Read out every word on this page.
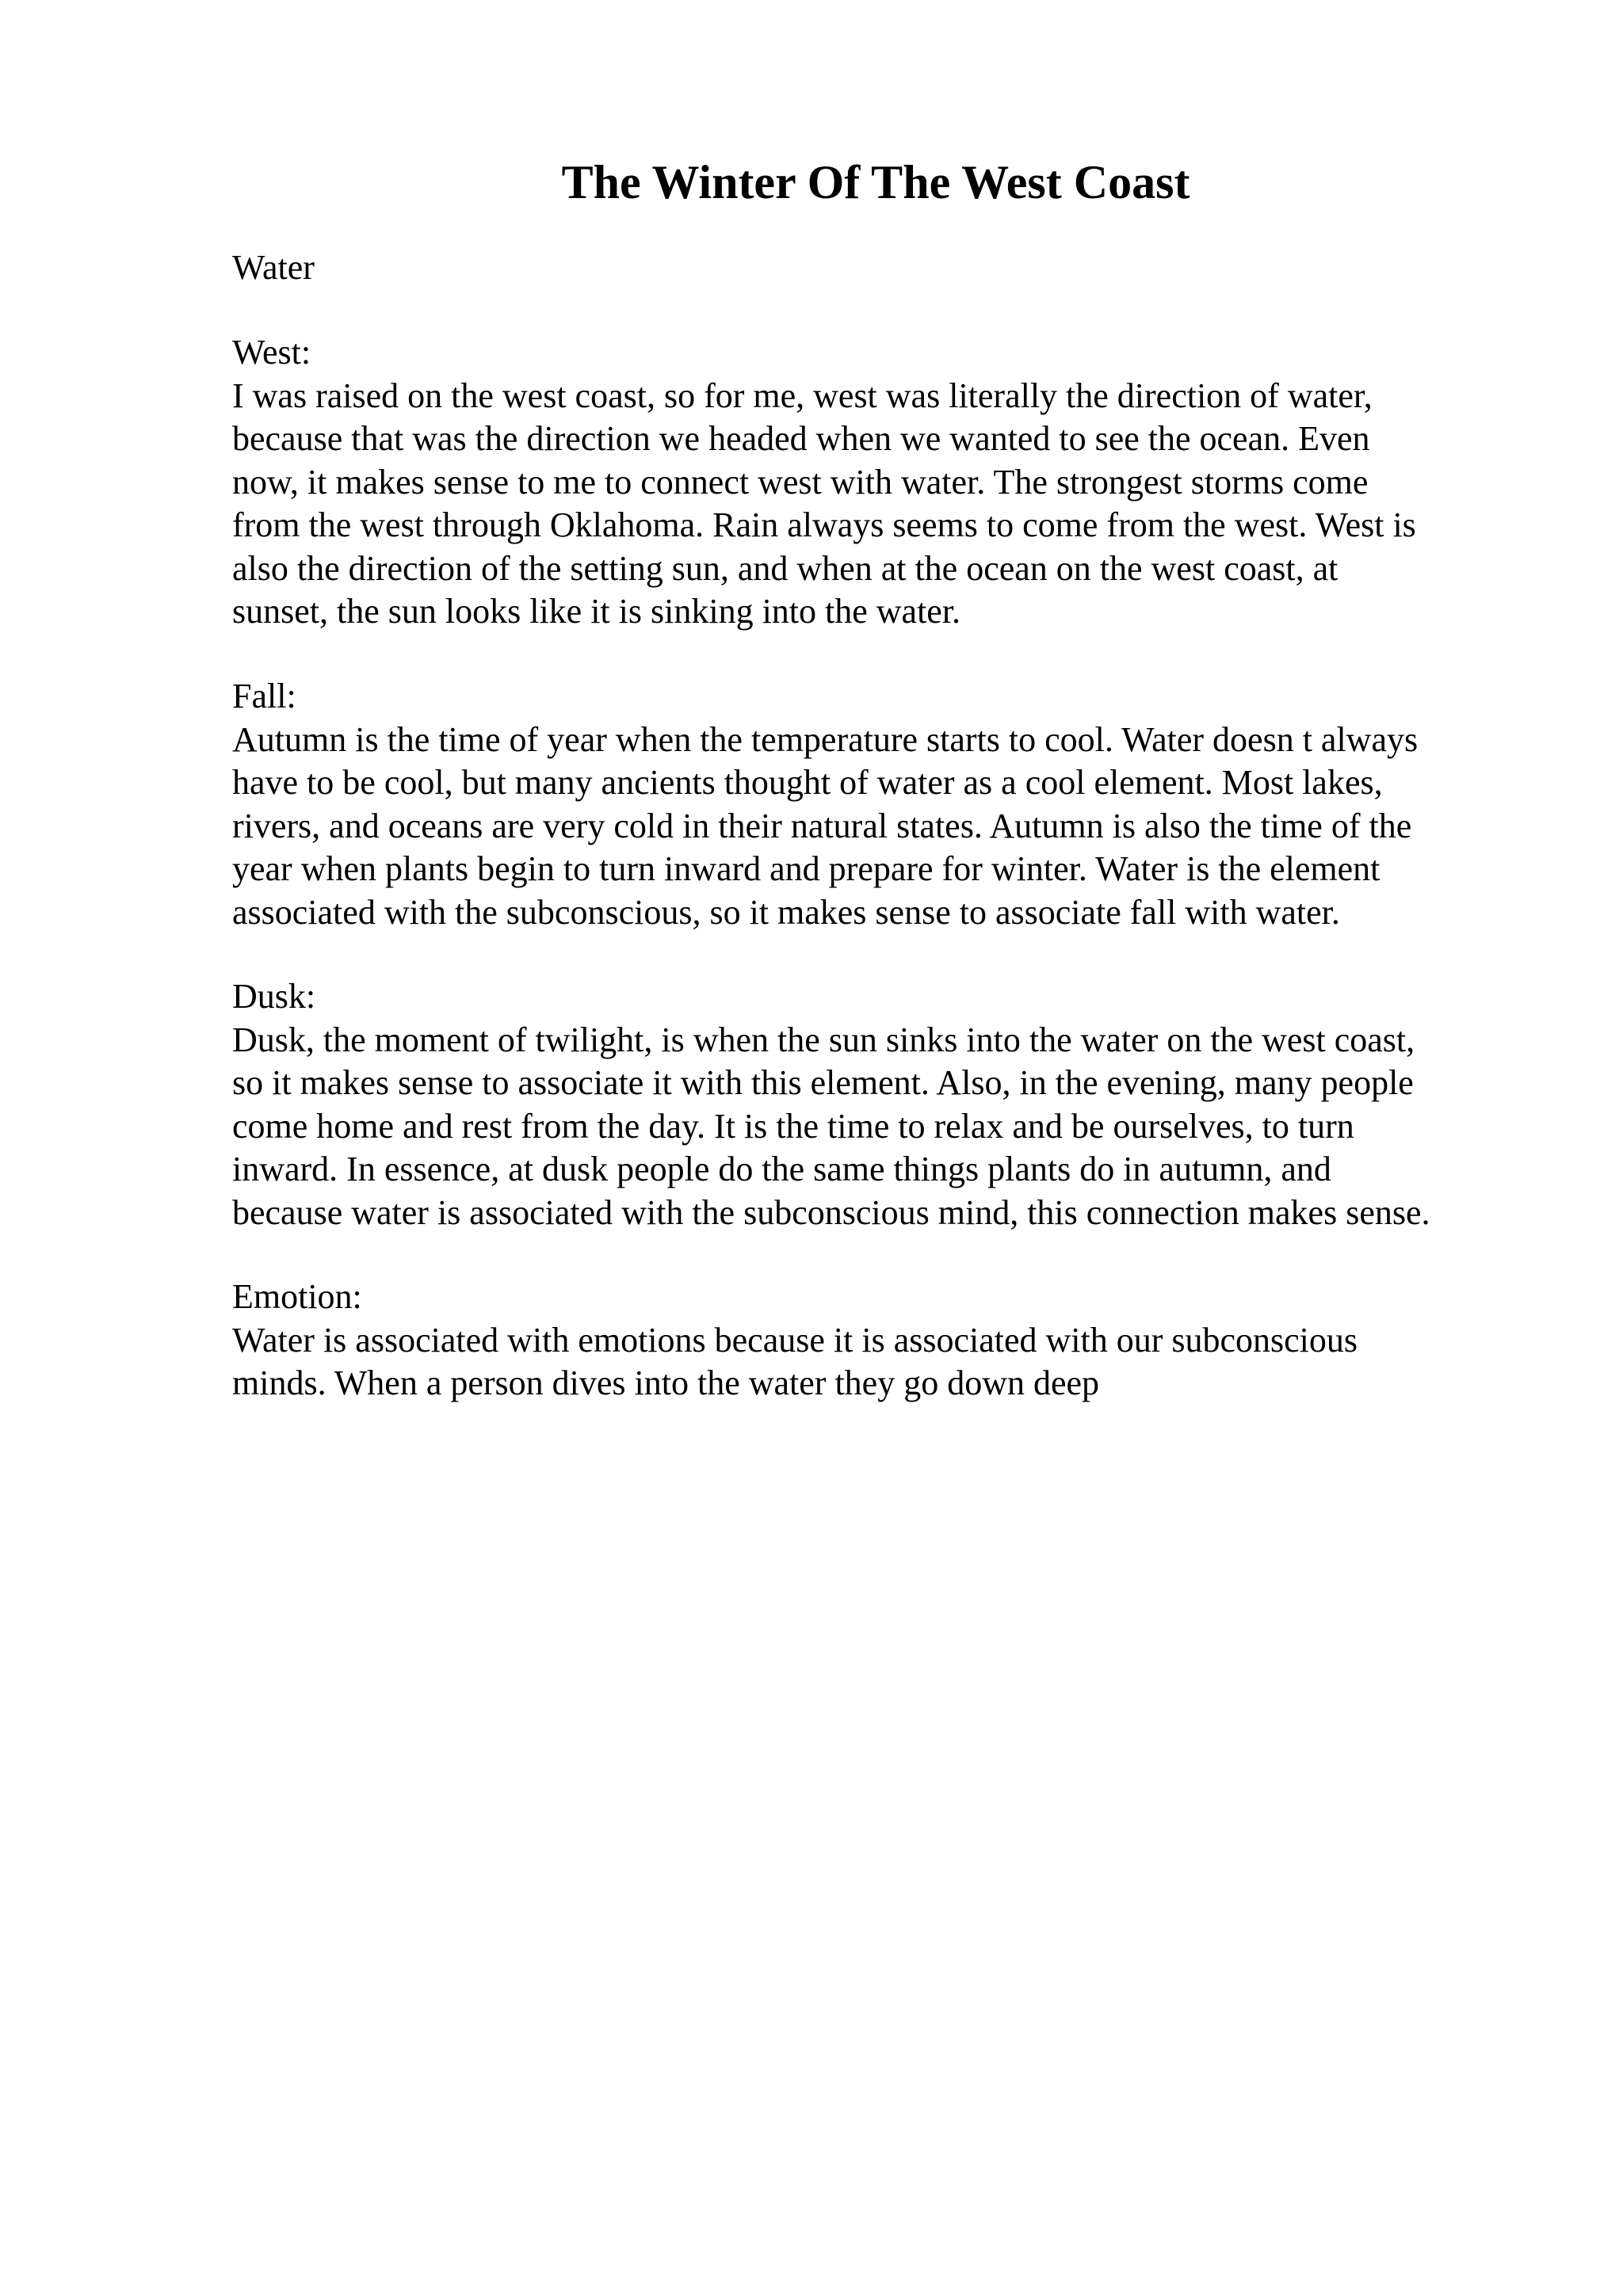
The Winter Of The West Coast
Water
West:
I was raised on the west coast, so for me, west was literally the direction of water,
because that was the direction we headed when we wanted to see the ocean. Even
now, it makes sense to me to connect west with water. The strongest storms come
from the west through Oklahoma. Rain always seems to come from the west. West is
also the direction of the setting sun, and when at the ocean on the west coast, at
sunset, the sun looks like it is sinking into the water.
Fall:
Autumn is the time of year when the temperature starts to cool. Water doesn t always
have to be cool, but many ancients thought of water as a cool element. Most lakes,
rivers, and oceans are very cold in their natural states. Autumn is also the time of the
year when plants begin to turn inward and prepare for winter. Water is the element
associated with the subconscious, so it makes sense to associate fall with water.
Dusk:
Dusk, the moment of twilight, is when the sun sinks into the water on the west coast,
so it makes sense to associate it with this element. Also, in the evening, many people
come home and rest from the day. It is the time to relax and be ourselves, to turn
inward. In essence, at dusk people do the same things plants do in autumn, and
because water is associated with the subconscious mind, this connection makes sense.
Emotion:
Water is associated with emotions because it is associated with our subconscious
minds. When a person dives into the water they go down deep
